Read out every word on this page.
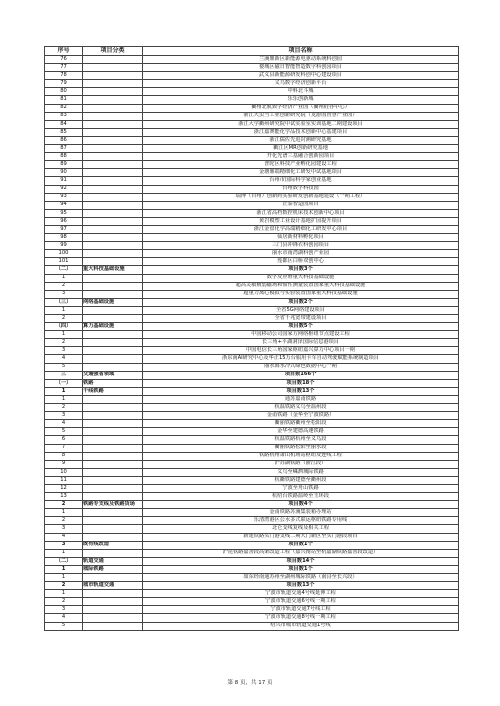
序号	项目分类	项目名称
76		兰溪鼎新区新能源电驱动系统科创园
77		婺城区磁日智能智造数字科创园项目
78		武义县新能源研发科创中心建设项目
79		义乌数字经济创新平台
80		中科北斗城
81		乐乐创新城
82		衢州北航数字经济产业园（衢州硅谷中心）
83		浙江大虫当工业创新研究院（龙游国智慧产业园）
84		浙江大学衢州研究院中试实验室实训基地二期建设项目
85		浙江嘉赛能化学品技术创新中心基建项目
86		浙江儒佐先进封测研究基地
87		衢江区MR创新研究基地
88		开化光谱三基融合创新园项目
89		普陀区科技产业孵化园建设工程
90		金塘鼎端精细化工研发中试基地项目
91		台州市国际科学家创业基地
92		台州数字科技园
93		瑞博（台州）创新药实验研发创新基地建设（一期工程）
94		正泰智造园项目
95		浙江省高档数控机床技术创新中心项目
96		黄岩模塑工业设计基地扩园提升项目
97		浙江金盘化学高端精细化工研发中心项目
98		仙居新材料孵化项目
99		三门县冲锋衣科创园项目
100		丽水市南湾湖科创产业园
101		莲都区白桥双创中心
（二）	重大科技基础设施	项目数3个
1		数字反应堆重大科技基础设施
2		超高灵敏极弱磁场和惯性测量装置国家重大科技基础设施
3		超重力离心模拟与实验装置国家重大科技基础设施
（三）	网络基础设施	项目数2个
1		全省5G网络建设项目
2		全省千兆宽带建设项目
（四）	算力基础设施	项目数5个
1		中国移动公司国家方网络枢纽节点建设工程
2		长三角+平湖洞泽国际信息港项目
3		中国电信长三角国家枢纽嘉兴算力中心项目一期
4		浙东南AI研究中心及华正15万台服用卡车自动驾驶赋能系统制造项目
5		丽水海水冷式绿色数据中心一期
三	交通强省领域	项目数166个
（一）	铁路	项目数18个
1	干线铁路	项目数13个
1		通苏嘉甬铁路
2		杭温铁路义乌至温州段
3		金甬铁路（金华至宁波铁路）
4		衢丽铁路衢州至松阳段
5		金华至建德高速铁路
6		杭温铁路杭州至义乌段
7		衢丽铁路松阳至丽水段
8		铁路杭州萧山机场站枢纽及连线工程
9		沪苏湖铁路（浙江段）
10		义乌至嵊泗城际铁路
11		杭衢铁路建德至衢州段
12		宁波至舟山铁路
13		杭绍台铁路温岭至玉环段
2	铁路专支线及铁路货场	项目数4个
1		金甬铁路苏溪集装箱办理站
2		乐清湾港区公水多式联运枢纽铁路专用线
3		北仑支线复线及相关工程
4		新建铁路头门港支线二期大门新区至头门港段项目
3	既有线改造	项目数1个
1		沪昆铁路嘉善段高架改造工程（嘉兴南站至杭嘉湖铁路嘉善段改造）
（二）	轨道交通	项目数14个
1	城际铁路	项目数1个
1		如东经南通苏州至湖州城际铁路（南浔至长兴段）
2	城市轨道交通	项目数13个
1		宁波市轨道交通4号线延伸工程
2		宁波市轨道交通6号线一期工程
3		宁波市轨道交通7号线工程
4		宁波市轨道交通8号线一期工程
5		绍兴市城市轨道交通1号线
第 8 页，共 17 页
